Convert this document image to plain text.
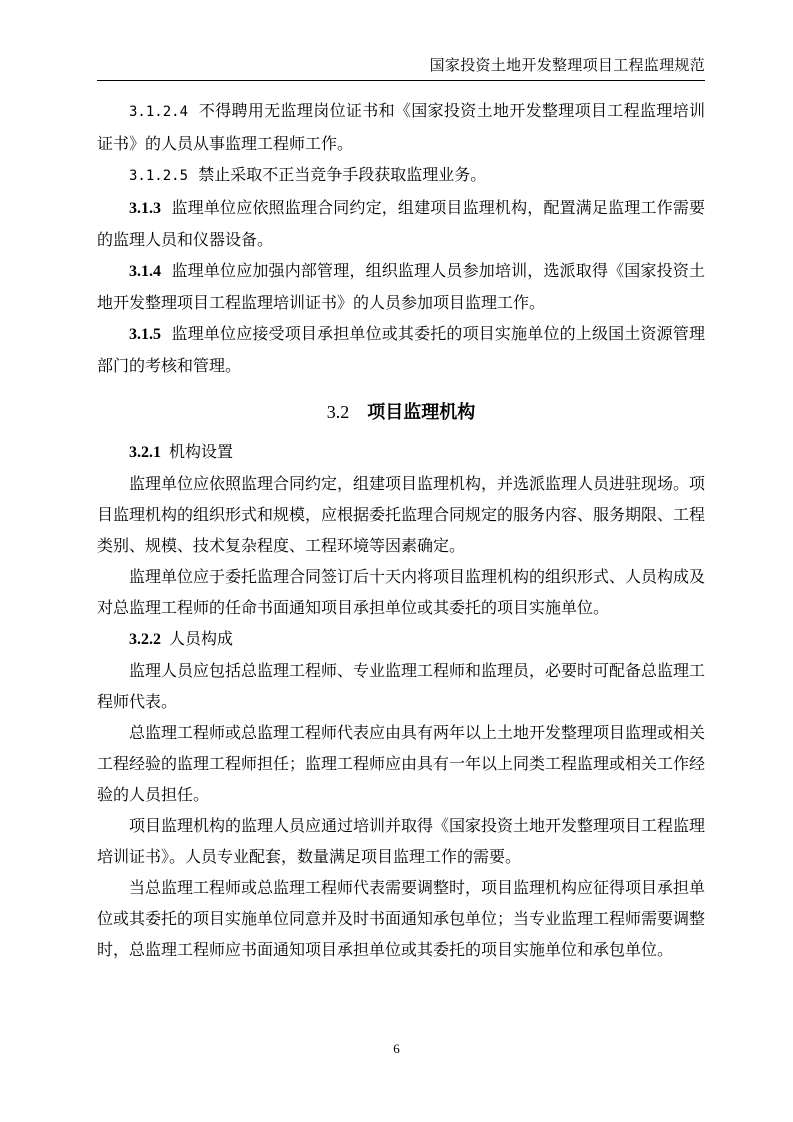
国家投资土地开发整理项目工程监理规范

3.1.2.4 不得聘用无监理岗位证书和《国家投资土地开发整理项目工程监理培训证书》的人员从事监理工程师工作。

3.1.2.5 禁止采取不正当竞争手段获取监理业务。

3.1.3 监理单位应依照监理合同约定，组建项目监理机构，配置满足监理工作需要的监理人员和仪器设备。

3.1.4 监理单位应加强内部管理，组织监理人员参加培训，选派取得《国家投资土地开发整理项目工程监理培训证书》的人员参加项目监理工作。

3.1.5 监理单位应接受项目承担单位或其委托的项目实施单位的上级国土资源管理部门的考核和管理。

3.2 项目监理机构

3.2.1 机构设置

监理单位应依照监理合同约定，组建项目监理机构，并选派监理人员进驻现场。项目监理机构的组织形式和规模，应根据委托监理合同规定的服务内容、服务期限、工程类别、规模、技术复杂程度、工程环境等因素确定。

监理单位应于委托监理合同签订后十天内将项目监理机构的组织形式、人员构成及对总监理工程师的任命书面通知项目承担单位或其委托的项目实施单位。

3.2.2 人员构成

监理人员应包括总监理工程师、专业监理工程师和监理员，必要时可配备总监理工程师代表。

总监理工程师或总监理工程师代表应由具有两年以上土地开发整理项目监理或相关工程经验的监理工程师担任；监理工程师应由具有一年以上同类工程监理或相关工作经验的人员担任。

项目监理机构的监理人员应通过培训并取得《国家投资土地开发整理项目工程监理培训证书》。人员专业配套，数量满足项目监理工作的需要。

当总监理工程师或总监理工程师代表需要调整时，项目监理机构应征得项目承担单位或其委托的项目实施单位同意并及时书面通知承包单位；当专业监理工程师需要调整时，总监理工程师应书面通知项目承担单位或其委托的项目实施单位和承包单位。

6
